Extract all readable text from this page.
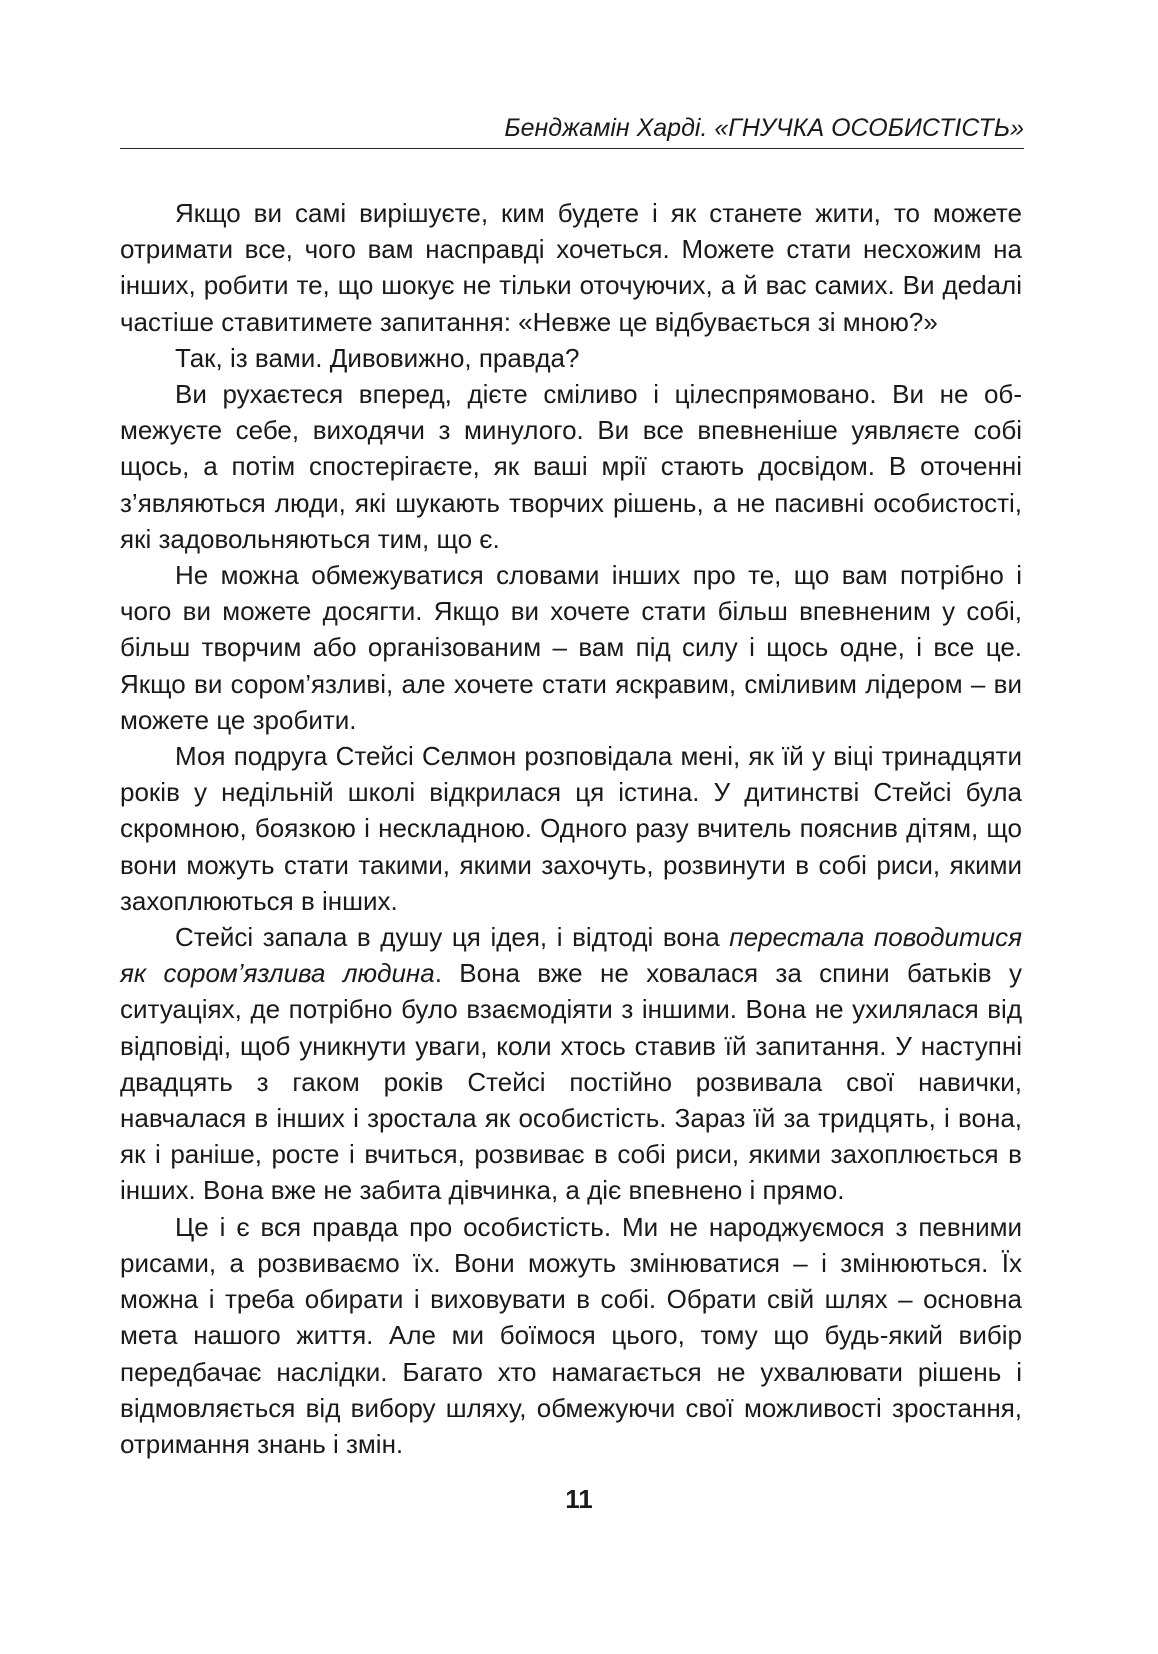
Бенджамін Харді. «ГНУЧКА ОСОБИСТІСТЬ»

Якщо ви самі вирішуєте, ким будете і як станете жити, то можете отримати все, чого вам насправді хочеться. Можете стати несхожим на інших, робити те, що шокує не тільки оточуючих, а й вас самих. Ви деdалі частіше ставитимете запитання: «Невже це відбувається зі мною?»

Так, із вами. Дивовижно, правда?

Ви рухаєтеся вперед, дієте сміливо і цілеспрямовано. Ви не обмежуєте себе, виходячи з минулого. Ви все впевненіше уявляєте собі щось, а потім спостерігаєте, як ваші мрії стають досвідом. В оточенні з’являються люди, які шукають творчих рішень, а не пасивні особистості, які задовольняються тим, що є.

Не можна обмежуватися словами інших про те, що вам потрібно і чого ви можете досягти. Якщо ви хочете стати більш впевненим у собі, більш творчим або організованим – вам під силу і щось одне, і все це. Якщо ви сором’язливі, але хочете стати яскравим, сміливим лідером – ви можете це зробити.

Моя подруга Стейсі Селмон розповідала мені, як їй у віці тринадцяти років у недільній школі відкрилася ця істина. У дитинстві Стейсі була скромною, боязкою і нескладною. Одного разу вчитель пояснив дітям, що вони можуть стати такими, якими захочуть, розвинути в собі риси, якими захоплюються в інших.

Стейсі запала в душу ця ідея, і відтоді вона перестала поводитися як сором’язлива людина. Вона вже не ховалася за спини батьків у ситуаціях, де потрібно було взаємодіяти з іншими. Вона не ухилялася від відповіді, щоб уникнути уваги, коли хтось ставив їй запитання. У наступні двадцять з гаком років Стейсі постійно розвивала свої навички, навчалася в інших і зростала як особистість. Зараз їй за тридцять, і вона, як і раніше, росте і вчиться, розвиває в собі риси, якими захоплюється в інших. Вона вже не забита дівчинка, а діє впевнено і прямо.

Це і є вся правда про особистість. Ми не народжуємося з певними рисами, а розвиваємо їх. Вони можуть змінюватися – і змінюються. Їх можна і треба обирати і виховувати в собі. Обрати свій шлях – основна мета нашого життя. Але ми боїмося цього, тому що будь-який вибір передбачає наслідки. Багато хто намагається не ухвалювати рішень і відмовляється від вибору шляху, обмежуючи свої можливості зростання, отримання знань і змін.

11
